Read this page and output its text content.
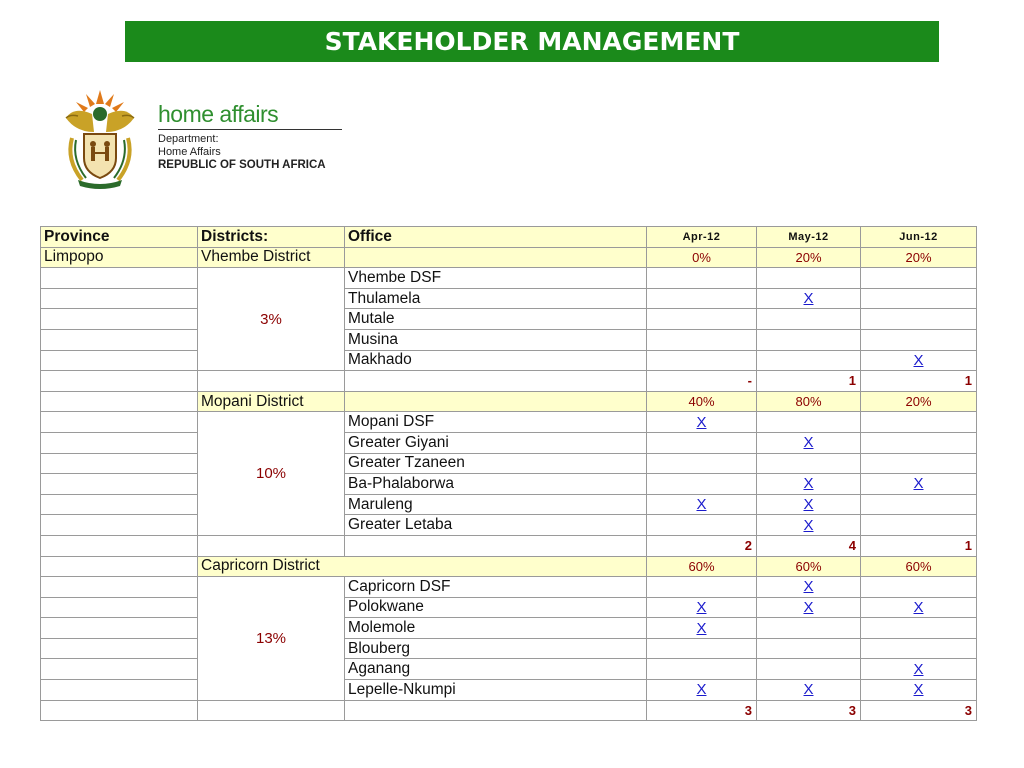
STAKEHOLDER MANAGEMENT
home affairs
Department:
Home Affairs
REPUBLIC OF SOUTH AFRICA
Province	Districts:	Office	Apr-12	May-12	Jun-12
Limpopo	Vhembe District		0%	20%	20%
	3%	Vhembe DSF			
		Thulamela		X	
		Mutale			
		Musina			
		Makhado			X
			-	1	1
	Mopani District		40%	80%	20%
	10%	Mopani DSF	X		
		Greater Giyani		X	
		Greater Tzaneen			
		Ba-Phalaborwa		X	X
		Maruleng	X	X	
		Greater Letaba		X	
			2	4	1
	Capricorn District		60%	60%	60%
	13%	Capricorn DSF		X	
		Polokwane	X	X	X
		Molemole	X		
		Blouberg			
		Aganang			X
		Lepelle-Nkumpi	X	X	X
			3	3	3
